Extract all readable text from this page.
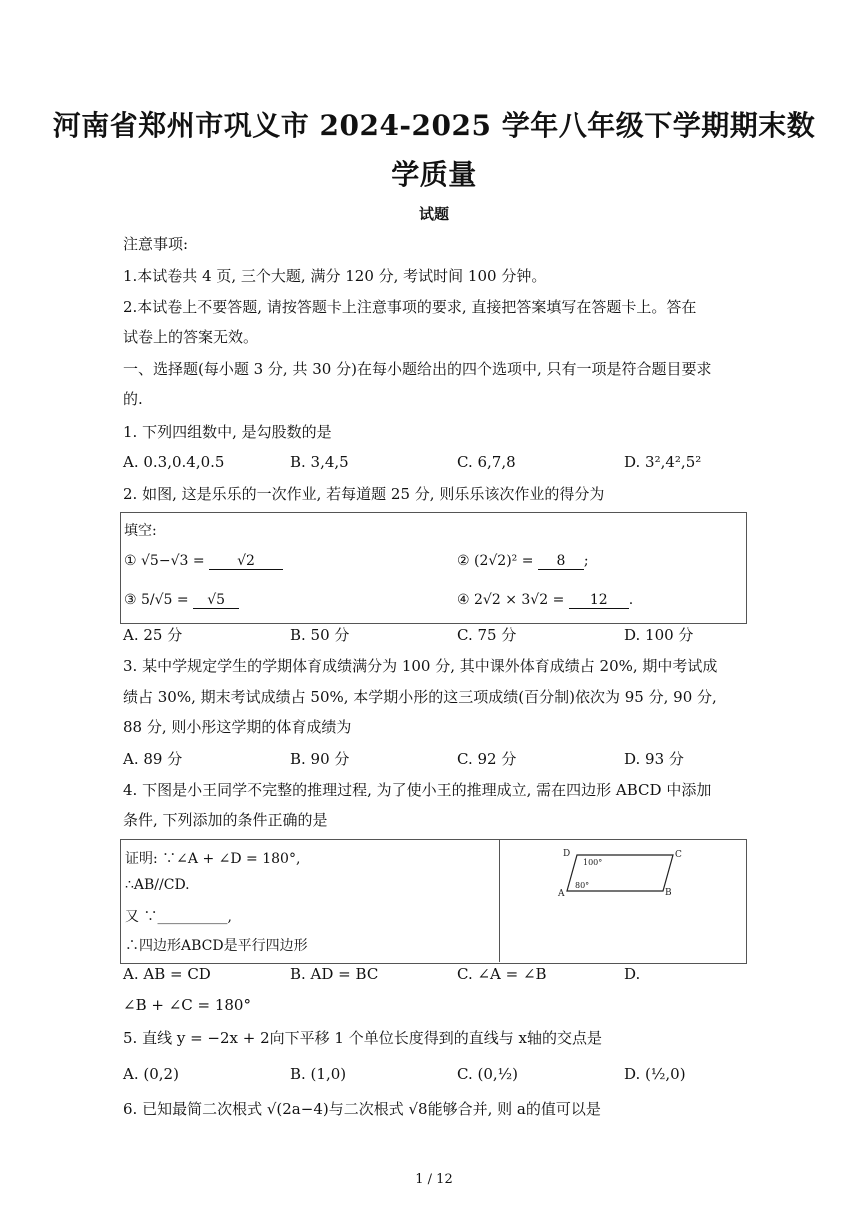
河南省郑州市巩义市 2024-2025 学年八年级下学期期末数
学质量
试题
注意事项:
1.本试卷共 4 页, 三个大题, 满分 120 分, 考试时间 100 分钟。
2.本试卷上不要答题, 请按答题卡上注意事项的要求, 直接把答案填写在答题卡上。答在
试卷上的答案无效。
一、选择题(每小题 3 分, 共 30 分)在每小题给出的四个选项中, 只有一项是符合题目要求
的.
1. 下列四组数中, 是勾股数的是
A. 0.3,0.4,0.5	B. 3,4,5	C. 6,7,8	D. 3²,4²,5²
2. 如图, 这是乐乐的一次作业, 若每道题 25 分, 则乐乐该次作业的得分为
填空:
① √5−√3 = √2	② (2√2)² = 8 ;
③ 5/√5 = √5	④ 2√2 × 3√2 = 12 .
A. 25 分	B. 50 分	C. 75 分	D. 100 分
3. 某中学规定学生的学期体育成绩满分为 100 分, 其中课外体育成绩占 20%, 期中考试成
绩占 30%, 期末考试成绩占 50%, 本学期小彤的这三项成绩(百分制)依次为 95 分, 90 分,
88 分, 则小彤这学期的体育成绩为
A. 89 分	B. 90 分	C. 92 分	D. 93 分
4. 下图是小王同学不完整的推理过程, 为了使小王的推理成立, 需在四边形 ABCD 中添加
条件, 下列添加的条件正确的是
证明: ∵∠A + ∠D = 180°,
∴AB//CD.
又 ∵__________,
∴四边形ABCD是平行四边形
D	C
A	B
100°
80°
A. AB = CD	B. AD = BC	C. ∠A = ∠B	D.
∠B + ∠C = 180°
5. 直线 y = −2x + 2向下平移 1 个单位长度得到的直线与 x轴的交点是
A. (0,2)	B. (1,0)	C. (0,½)	D. (½,0)
6. 已知最简二次根式 √(2a−4)与二次根式 √8能够合并, 则 a的值可以是
1 / 12
